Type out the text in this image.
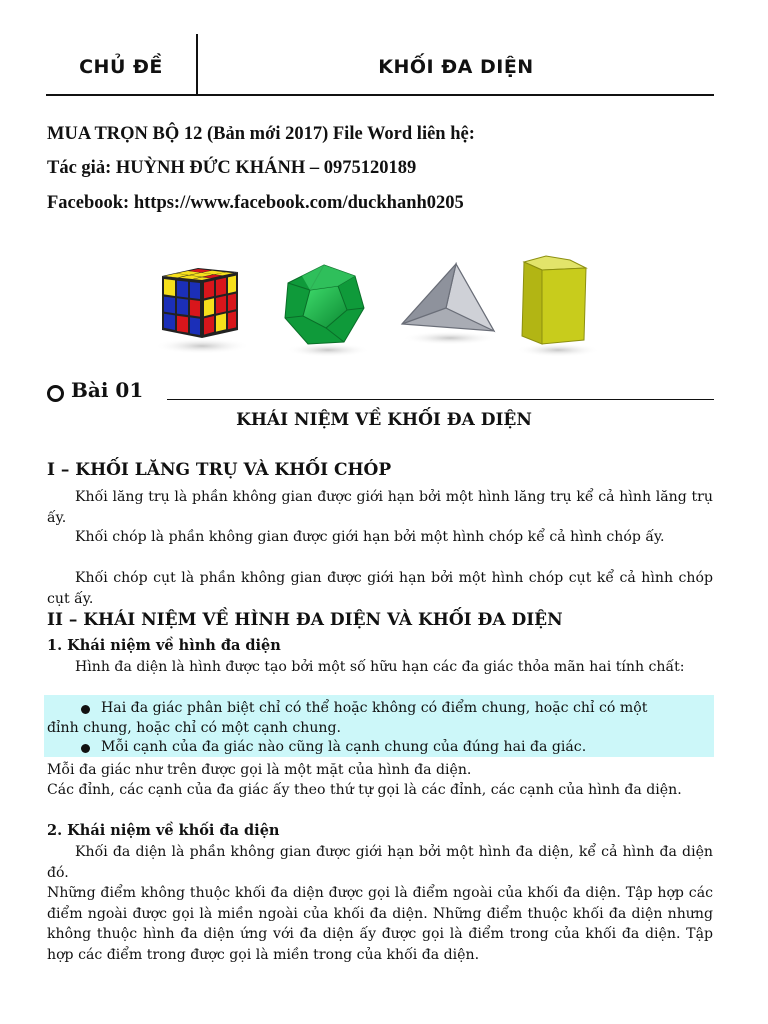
CHỦ ĐỀ	KHỐI ĐA DIỆN
MUA TRỌN BỘ 12 (Bản mới 2017) File Word liên hệ:
Tác giả: HUỲNH ĐỨC KHÁNH – 0975120189
Facebook: https://www.facebook.com/duckhanh0205
Bài 01
KHÁI NIỆM VỀ KHỐI ĐA DIỆN
I – KHỐI LĂNG TRỤ VÀ KHỐI CHÓP
Khối lăng trụ là phần không gian được giới hạn bởi một hình lăng trụ kể cả hình lăng trụ ấy.
Khối chóp là phần không gian được giới hạn bởi một hình chóp kể cả hình chóp ấy.
Khối chóp cụt là phần không gian được giới hạn bởi một hình chóp cụt kể cả hình chóp cụt ấy.
II – KHÁI NIỆM VỀ HÌNH ĐA DIỆN VÀ KHỐI ĐA DIỆN
1. Khái niệm về hình đa diện
Hình đa diện là hình được tạo bởi một số hữu hạn các đa giác thỏa mãn hai tính chất:
Hai đa giác phân biệt chỉ có thể hoặc không có điểm chung, hoặc chỉ có một
đỉnh chung, hoặc chỉ có một cạnh chung.
Mỗi cạnh của đa giác nào cũng là cạnh chung của đúng hai đa giác.
Mỗi đa giác như trên được gọi là một mặt của hình đa diện.
Các đỉnh, các cạnh của đa giác ấy theo thứ tự gọi là các đỉnh, các cạnh của hình đa diện.
2. Khái niệm về khối đa diện
Khối đa diện là phần không gian được giới hạn bởi một hình đa diện, kể cả hình đa diện đó.
Những điểm không thuộc khối đa diện được gọi là điểm ngoài của khối đa diện. Tập hợp các điểm ngoài được gọi là miền ngoài của khối đa diện. Những điểm thuộc khối đa diện nhưng không thuộc hình đa diện ứng với đa diện ấy được gọi là điểm trong của khối đa diện. Tập hợp các điểm trong được gọi là miền trong của khối đa diện.
